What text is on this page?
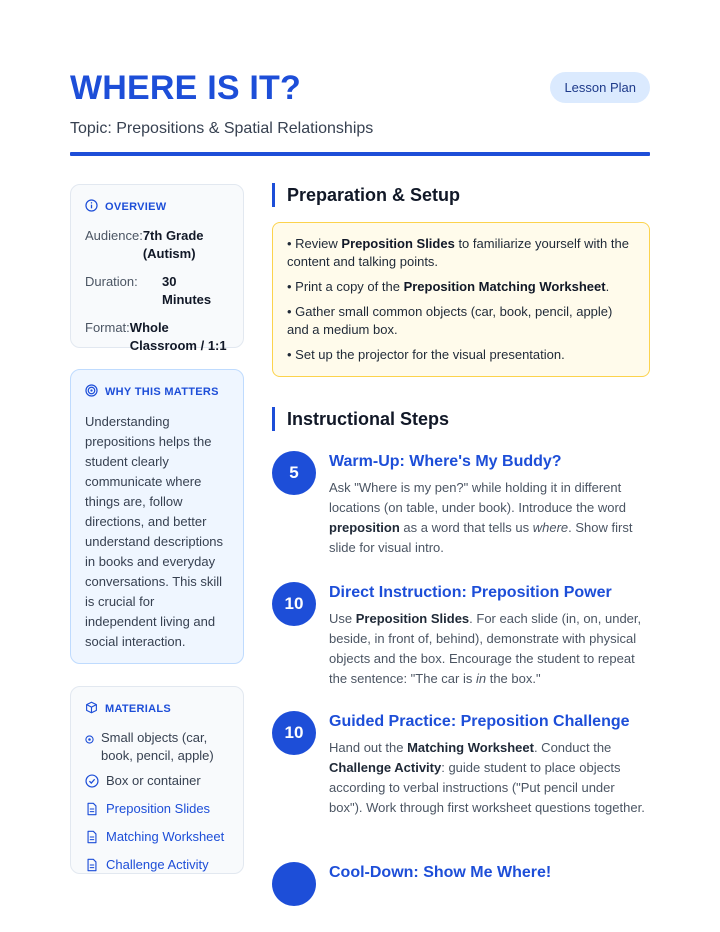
WHERE IS IT?
Topic: Prepositions & Spatial Relationships
Lesson Plan
OVERVIEW
Audience: 7th Grade (Autism)
Duration:	30 Minutes
Format: Whole Classroom / 1:1
WHY THIS MATTERS
Understanding prepositions helps the student clearly communicate where things are, follow directions, and better understand descriptions in books and everyday conversations. This skill is crucial for independent living and social interaction.
MATERIALS
Small objects (car, book, pencil, apple)
Box or container
Preposition Slides
Matching Worksheet
Challenge Activity
Preparation & Setup

• Review Preposition Slides to familiarize yourself with the content and talking points.

• Print a copy of the Preposition Matching Worksheet.

• Gather small common objects (car, book, pencil, apple) and a medium box.

• Set up the projector for the visual presentation.

Instructional Steps
5
Warm-Up: Where's My Buddy?
Ask "Where is my pen?" while holding it in different locations (on table, under book). Introduce the word preposition as a word that tells us where. Show first slide for visual intro.
10
Direct Instruction: Preposition Power
Use Preposition Slides. For each slide (in, on, under, beside, in front of, behind), demonstrate with physical objects and the box. Encourage the student to repeat the sentence: "The car is in the box."
10
Guided Practice: Preposition Challenge
Hand out the Matching Worksheet. Conduct the Challenge Activity: guide student to place objects according to verbal instructions ("Put pencil under box"). Work through first worksheet questions together.
Cool-Down: Show Me Where!
